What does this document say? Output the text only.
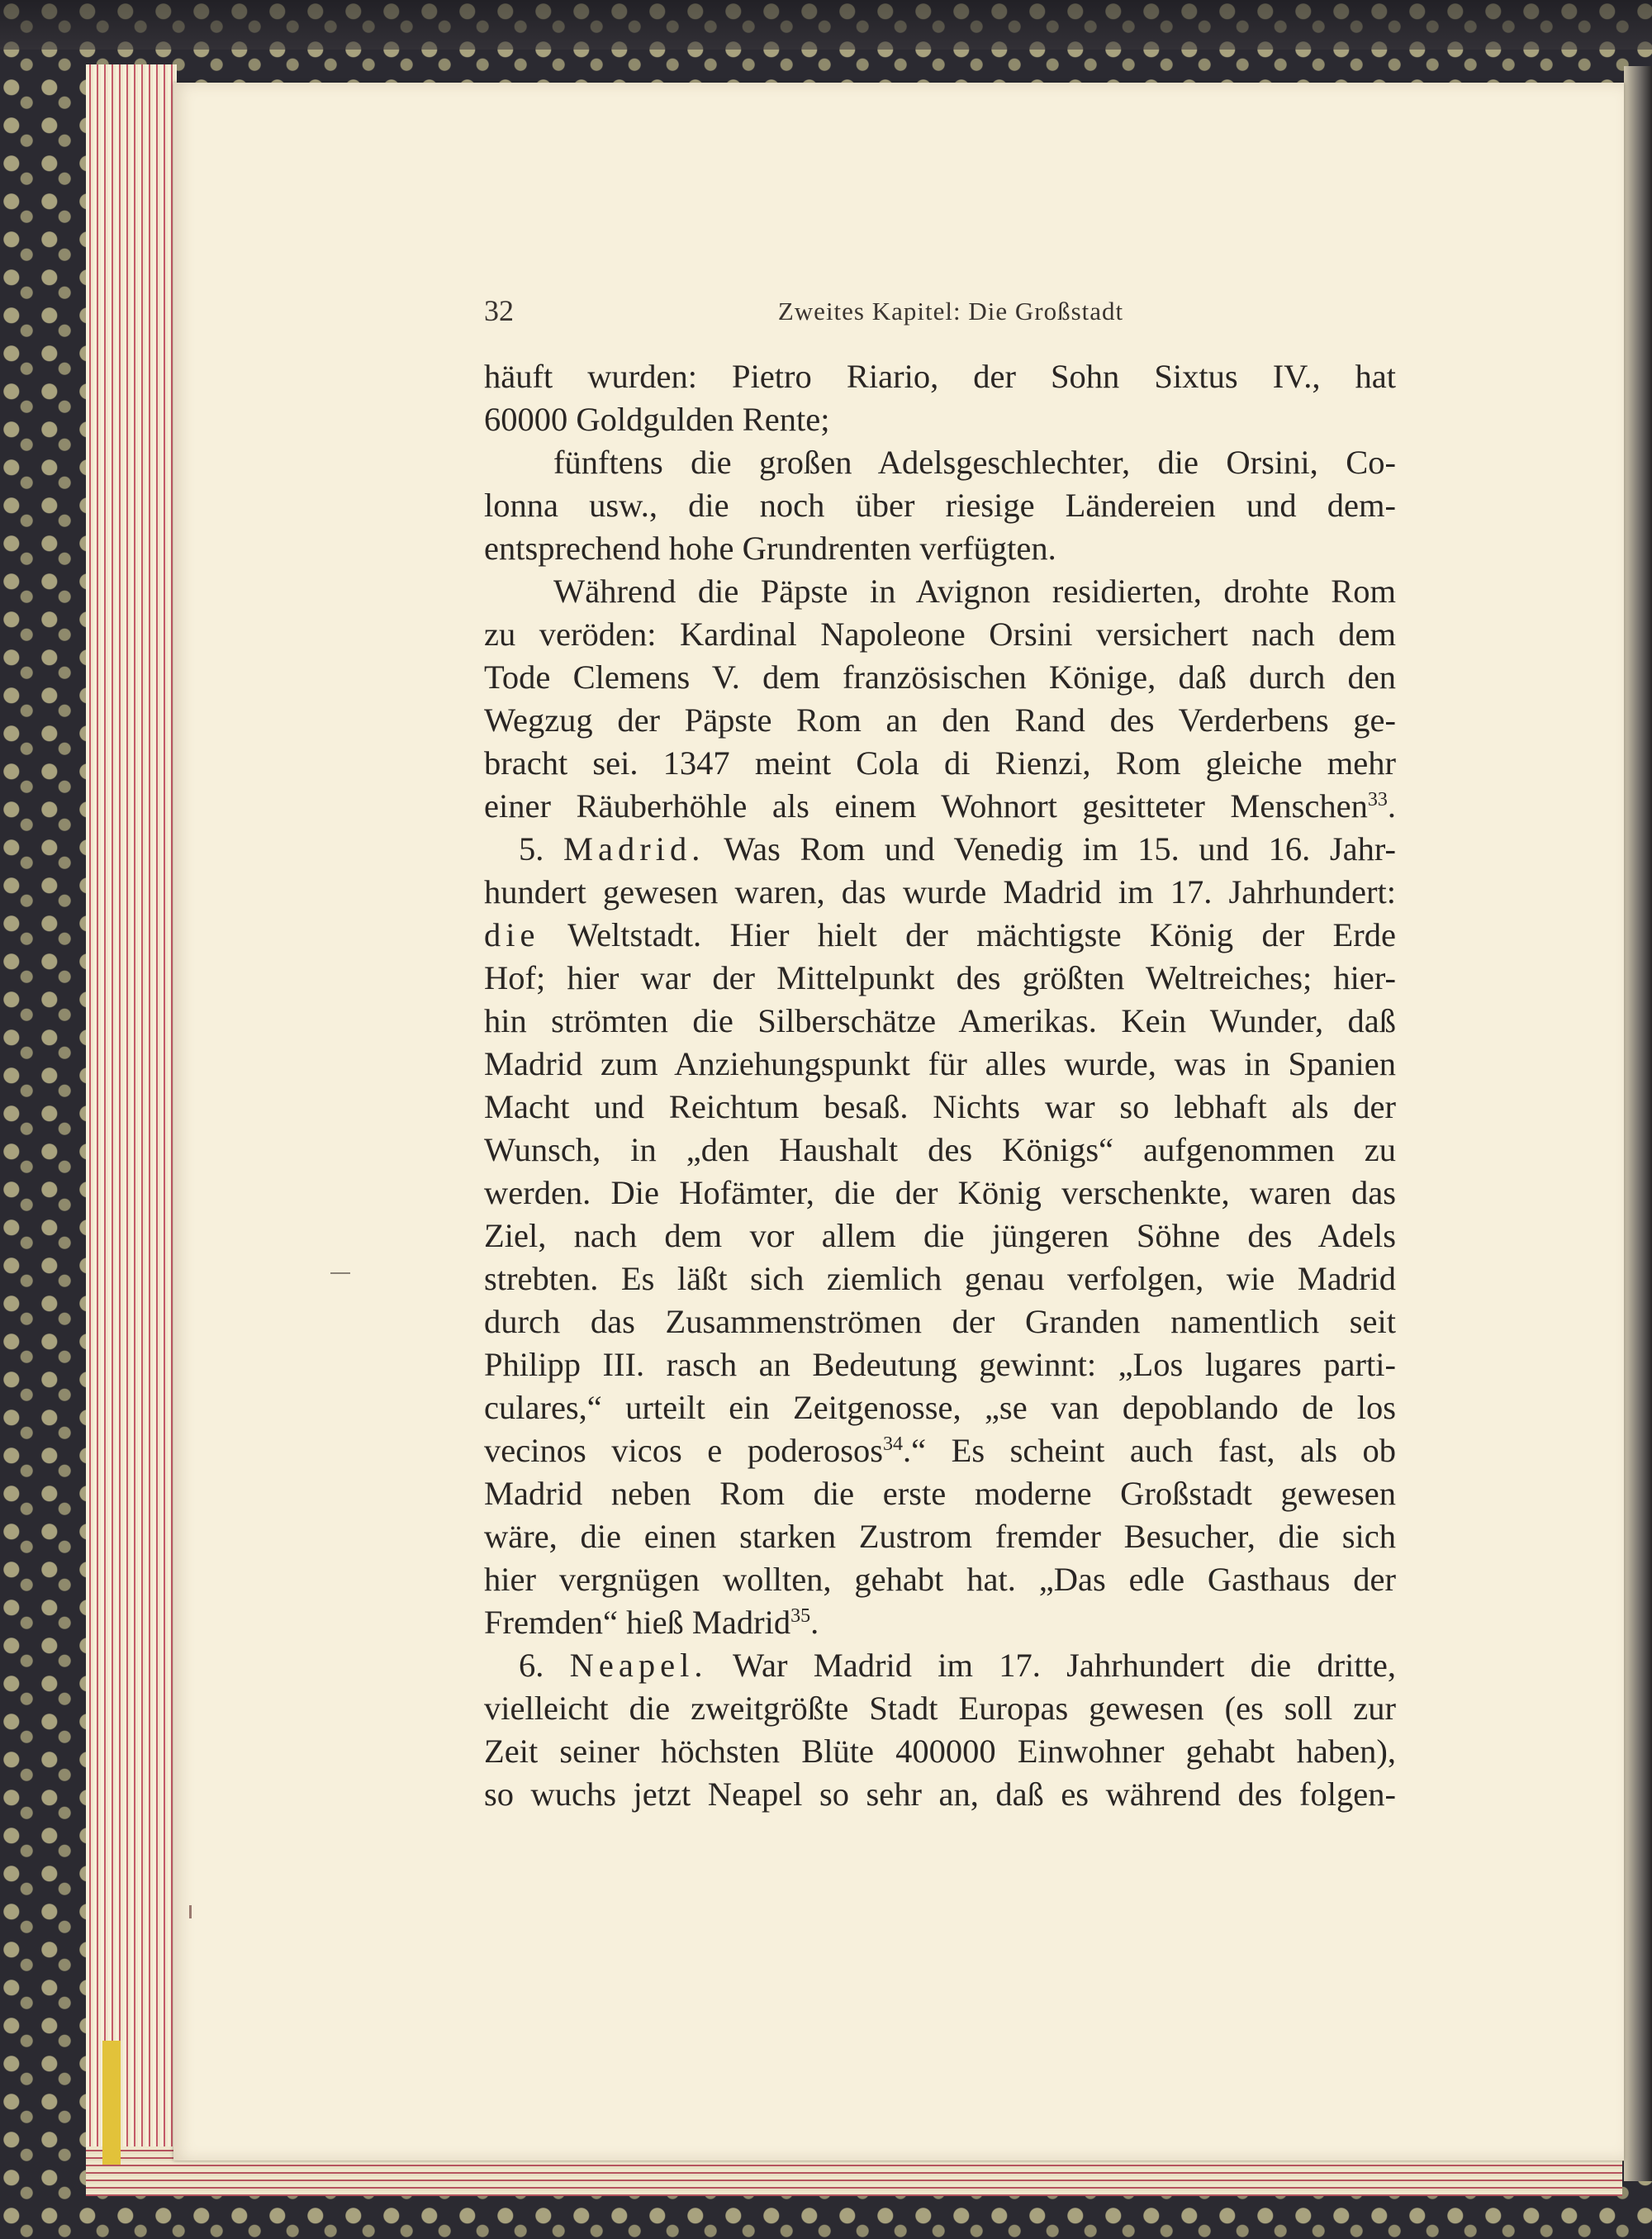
32	Zweites Kapitel: Die Großstadt
häuft wurden: Pietro Riario, der Sohn Sixtus IV., hat
60000 Goldgulden Rente;
fünftens die großen Adelsgeschlechter, die Orsini, Co-
lonna usw., die noch über riesige Ländereien und dem-
entsprechend hohe Grundrenten verfügten.
Während die Päpste in Avignon residierten, drohte Rom
zu veröden: Kardinal Napoleone Orsini versichert nach dem
Tode Clemens V. dem französischen Könige, daß durch den
Wegzug der Päpste Rom an den Rand des Verderbens ge-
bracht sei. 1347 meint Cola di Rienzi, Rom gleiche mehr
einer Räuberhöhle als einem Wohnort gesitteter Menschen$^{33}$.
5. Madrid. Was Rom und Venedig im 15. und 16. Jahr-
hundert gewesen waren, das wurde Madrid im 17. Jahrhundert:
die Weltstadt. Hier hielt der mächtigste König der Erde
Hof; hier war der Mittelpunkt des größten Weltreiches; hier-
hin strömten die Silberschätze Amerikas. Kein Wunder, daß
Madrid zum Anziehungspunkt für alles wurde, was in Spanien
Macht und Reichtum besaß. Nichts war so lebhaft als der
Wunsch, in „den Haushalt des Königs“ aufgenommen zu
werden. Die Hofämter, die der König verschenkte, waren das
Ziel, nach dem vor allem die jüngeren Söhne des Adels
strebten. Es läßt sich ziemlich genau verfolgen, wie Madrid
durch das Zusammenströmen der Granden namentlich seit
Philipp III. rasch an Bedeutung gewinnt: „Los lugares parti-
culares,“ urteilt ein Zeitgenosse, „se van depoblando de los
vecinos vicos e poderosos$^{34}$.“ Es scheint auch fast, als ob
Madrid neben Rom die erste moderne Großstadt gewesen
wäre, die einen starken Zustrom fremder Besucher, die sich
hier vergnügen wollten, gehabt hat. „Das edle Gasthaus der
Fremden“ hieß Madrid$^{35}$.
6. Neapel. War Madrid im 17. Jahrhundert die dritte,
vielleicht die zweitgrößte Stadt Europas gewesen (es soll zur
Zeit seiner höchsten Blüte 400000 Einwohner gehabt haben),
so wuchs jetzt Neapel so sehr an, daß es während des folgen-
